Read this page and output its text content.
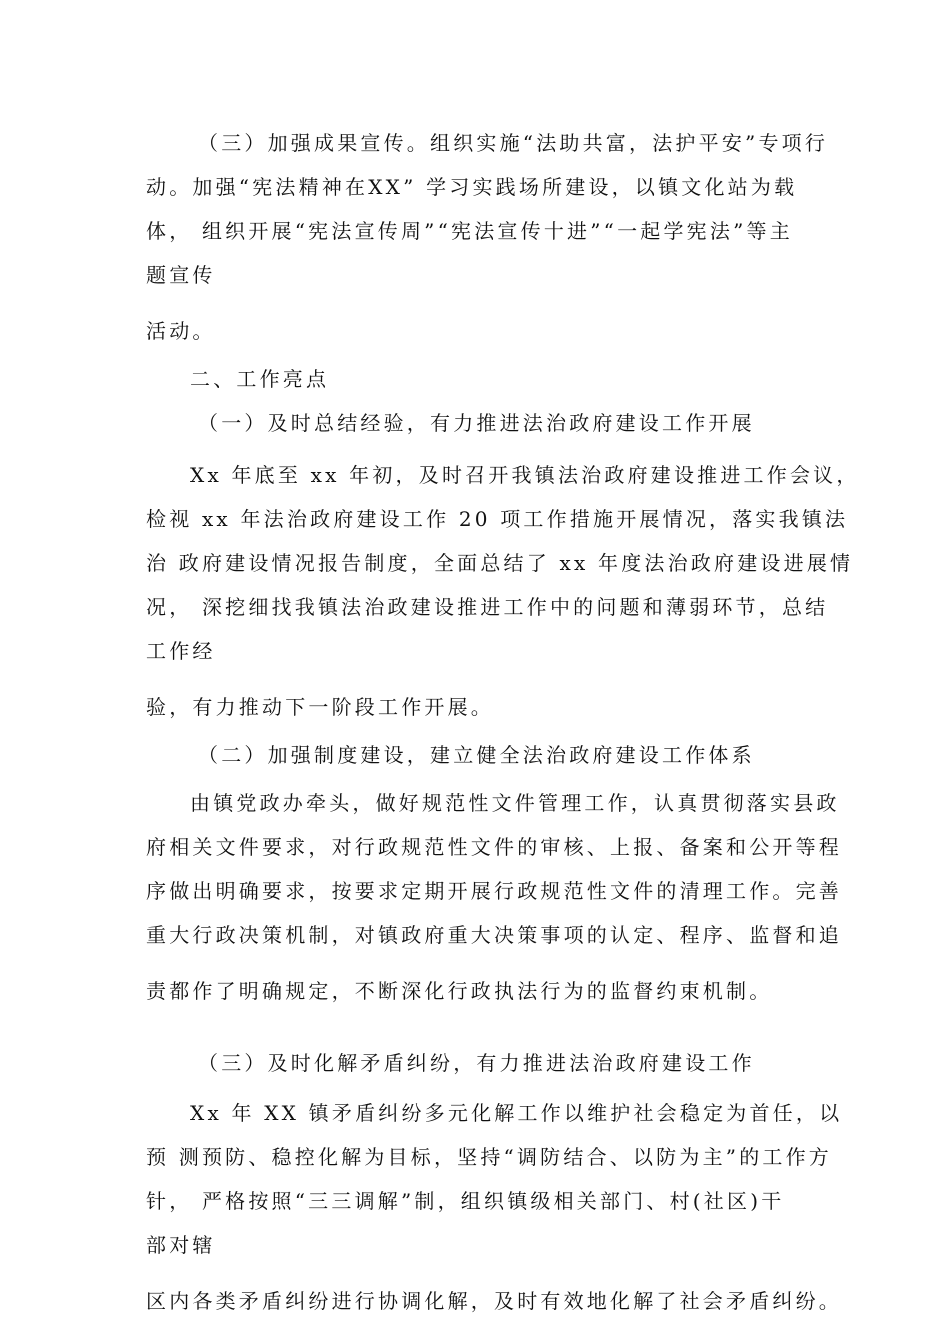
（三）加强成果宣传。组织实施“法助共富，法护平安”专项行
动。加强“宪法精神在XX” 学习实践场所建设，以镇文化站为载
体， 组织开展“宪法宣传周”“宪法宣传十进”“一起学宪法”等主
题宣传
活动。
二、工作亮点
（一）及时总结经验，有力推进法治政府建设工作开展
Xx 年底至 xx 年初，及时召开我镇法治政府建设推进工作会议，
检视 xx 年法治政府建设工作 20 项工作措施开展情况，落实我镇法
治 政府建设情况报告制度，全面总结了 xx 年度法治政府建设进展情
况， 深挖细找我镇法治政建设推进工作中的问题和薄弱环节，总结
工作经
验，有力推动下一阶段工作开展。
（二）加强制度建设，建立健全法治政府建设工作体系
由镇党政办牵头，做好规范性文件管理工作，认真贯彻落实县政
府相关文件要求，对行政规范性文件的审核、上报、备案和公开等程
序做出明确要求，按要求定期开展行政规范性文件的清理工作。完善
重大行政决策机制，对镇政府重大决策事项的认定、程序、监督和追
责都作了明确规定，不断深化行政执法行为的监督约束机制。
（三）及时化解矛盾纠纷，有力推进法治政府建设工作
Xx 年 XX 镇矛盾纠纷多元化解工作以维护社会稳定为首任，以
预 测预防、稳控化解为目标，坚持“调防结合、以防为主”的工作方
针， 严格按照“三三调解”制，组织镇级相关部门、村(社区)干
部对辖
区内各类矛盾纠纷进行协调化解，及时有效地化解了社会矛盾纠纷。
